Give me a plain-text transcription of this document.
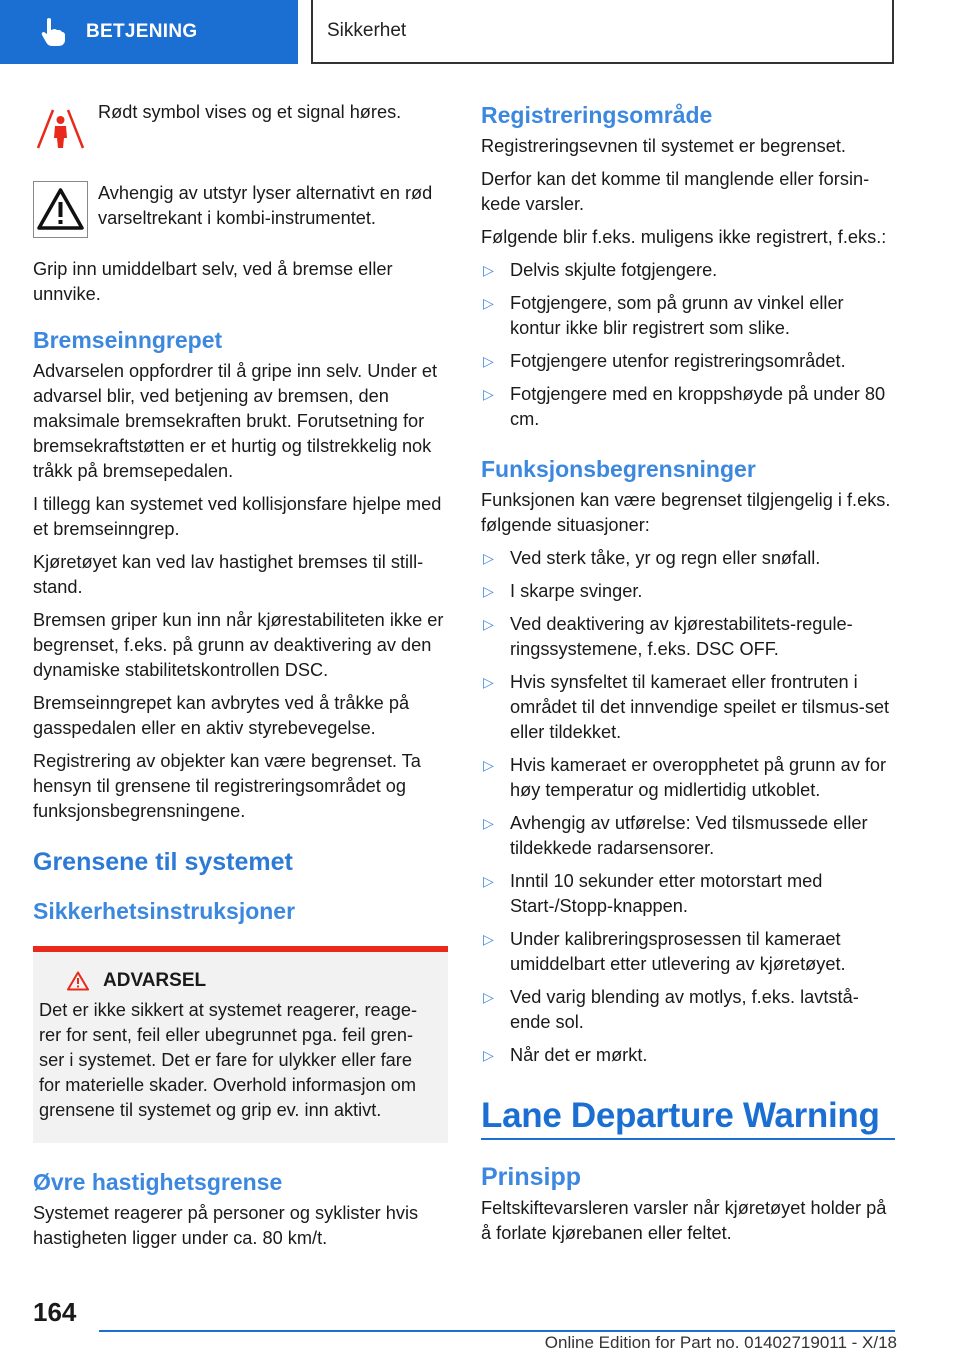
BETJENING	Sikkerhet

Rødt symbol vises og et signal høres.

Avhengig av utstyr lyser alternativt en rød varseltrekant i kombi-instrumentet.

Grip inn umiddelbart selv, ved å bremse eller unnvike.

Bremseinngrepet

Advarselen oppfordrer til å gripe inn selv. Under et advarsel blir, ved betjening av bremsen, den maksimale bremsekraften brukt. Forutsetning for bremsekraftstøtten er et hurtig og tilstrekkelig nok tråkk på bremsepedalen.

I tillegg kan systemet ved kollisjonsfare hjelpe med et bremseinngrep.

Kjøretøyet kan ved lav hastighet bremses til still-stand.

Bremsen griper kun inn når kjørestabiliteten ikke er begrenset, f.eks. på grunn av deaktivering av den dynamiske stabilitetskontrollen DSC.

Bremseinngrepet kan avbrytes ved å tråkke på gasspedalen eller en aktiv styrebevegelse.

Registrering av objekter kan være begrenset. Ta hensyn til grensene til registreringsområdet og funksjonsbegrensningene.

Grensene til systemet
Sikkerhetsinstruksjoner
ADVARSEL

Det er ikke sikkert at systemet reagerer, reage-rer for sent, feil eller ubegrunnet pga. feil gren-ser i systemet. Det er fare for ulykker eller fare for materielle skader. Overhold informasjon om grensene til systemet og grip ev. inn aktivt.

Øvre hastighetsgrense

Systemet reagerer på personer og syklister hvis hastigheten ligger under ca. 80 km/t.

Registreringsområde

Registreringsevnen til systemet er begrenset.

Derfor kan det komme til manglende eller forsin-kede varsler.

Følgende blir f.eks. muligens ikke registrert, f.eks.:

▷ Delvis skjulte fotgjengere.
▷ Fotgjengere, som på grunn av vinkel eller kontur ikke blir registrert som slike.
▷ Fotgjengere utenfor registreringsområdet.
▷ Fotgjengere med en kroppshøyde på under 80 cm.
Funksjonsbegrensninger

Funksjonen kan være begrenset tilgjengelig i f.eks. følgende situasjoner:

▷ Ved sterk tåke, yr og regn eller snøfall.
▷ I skarpe svinger.
▷ Ved deaktivering av kjørestabilitets-regule-ringssystemene, f.eks. DSC OFF.
▷ Hvis synsfeltet til kameraet eller frontruten i området til det innvendige speilet er tilsmus-set eller tildekket.
▷ Hvis kameraet er overopphetet på grunn av for høy temperatur og midlertidig utkoblet.
▷ Avhengig av utførelse: Ved tilsmussede eller tildekkede radarsensorer.
▷ Inntil 10 sekunder etter motorstart med Start-/Stopp-knappen.
▷ Under kalibreringsprosessen til kameraet umiddelbart etter utlevering av kjøretøyet.
▷ Ved varig blending av motlys, f.eks. lavtstå-ende sol.
▷ Når det er mørkt.
Lane Departure Warning
Prinsipp

Feltskiftevarsleren varsler når kjøretøyet holder på å forlate kjørebanen eller feltet.

164
Online Edition for Part no. 01402719011 - X/18
